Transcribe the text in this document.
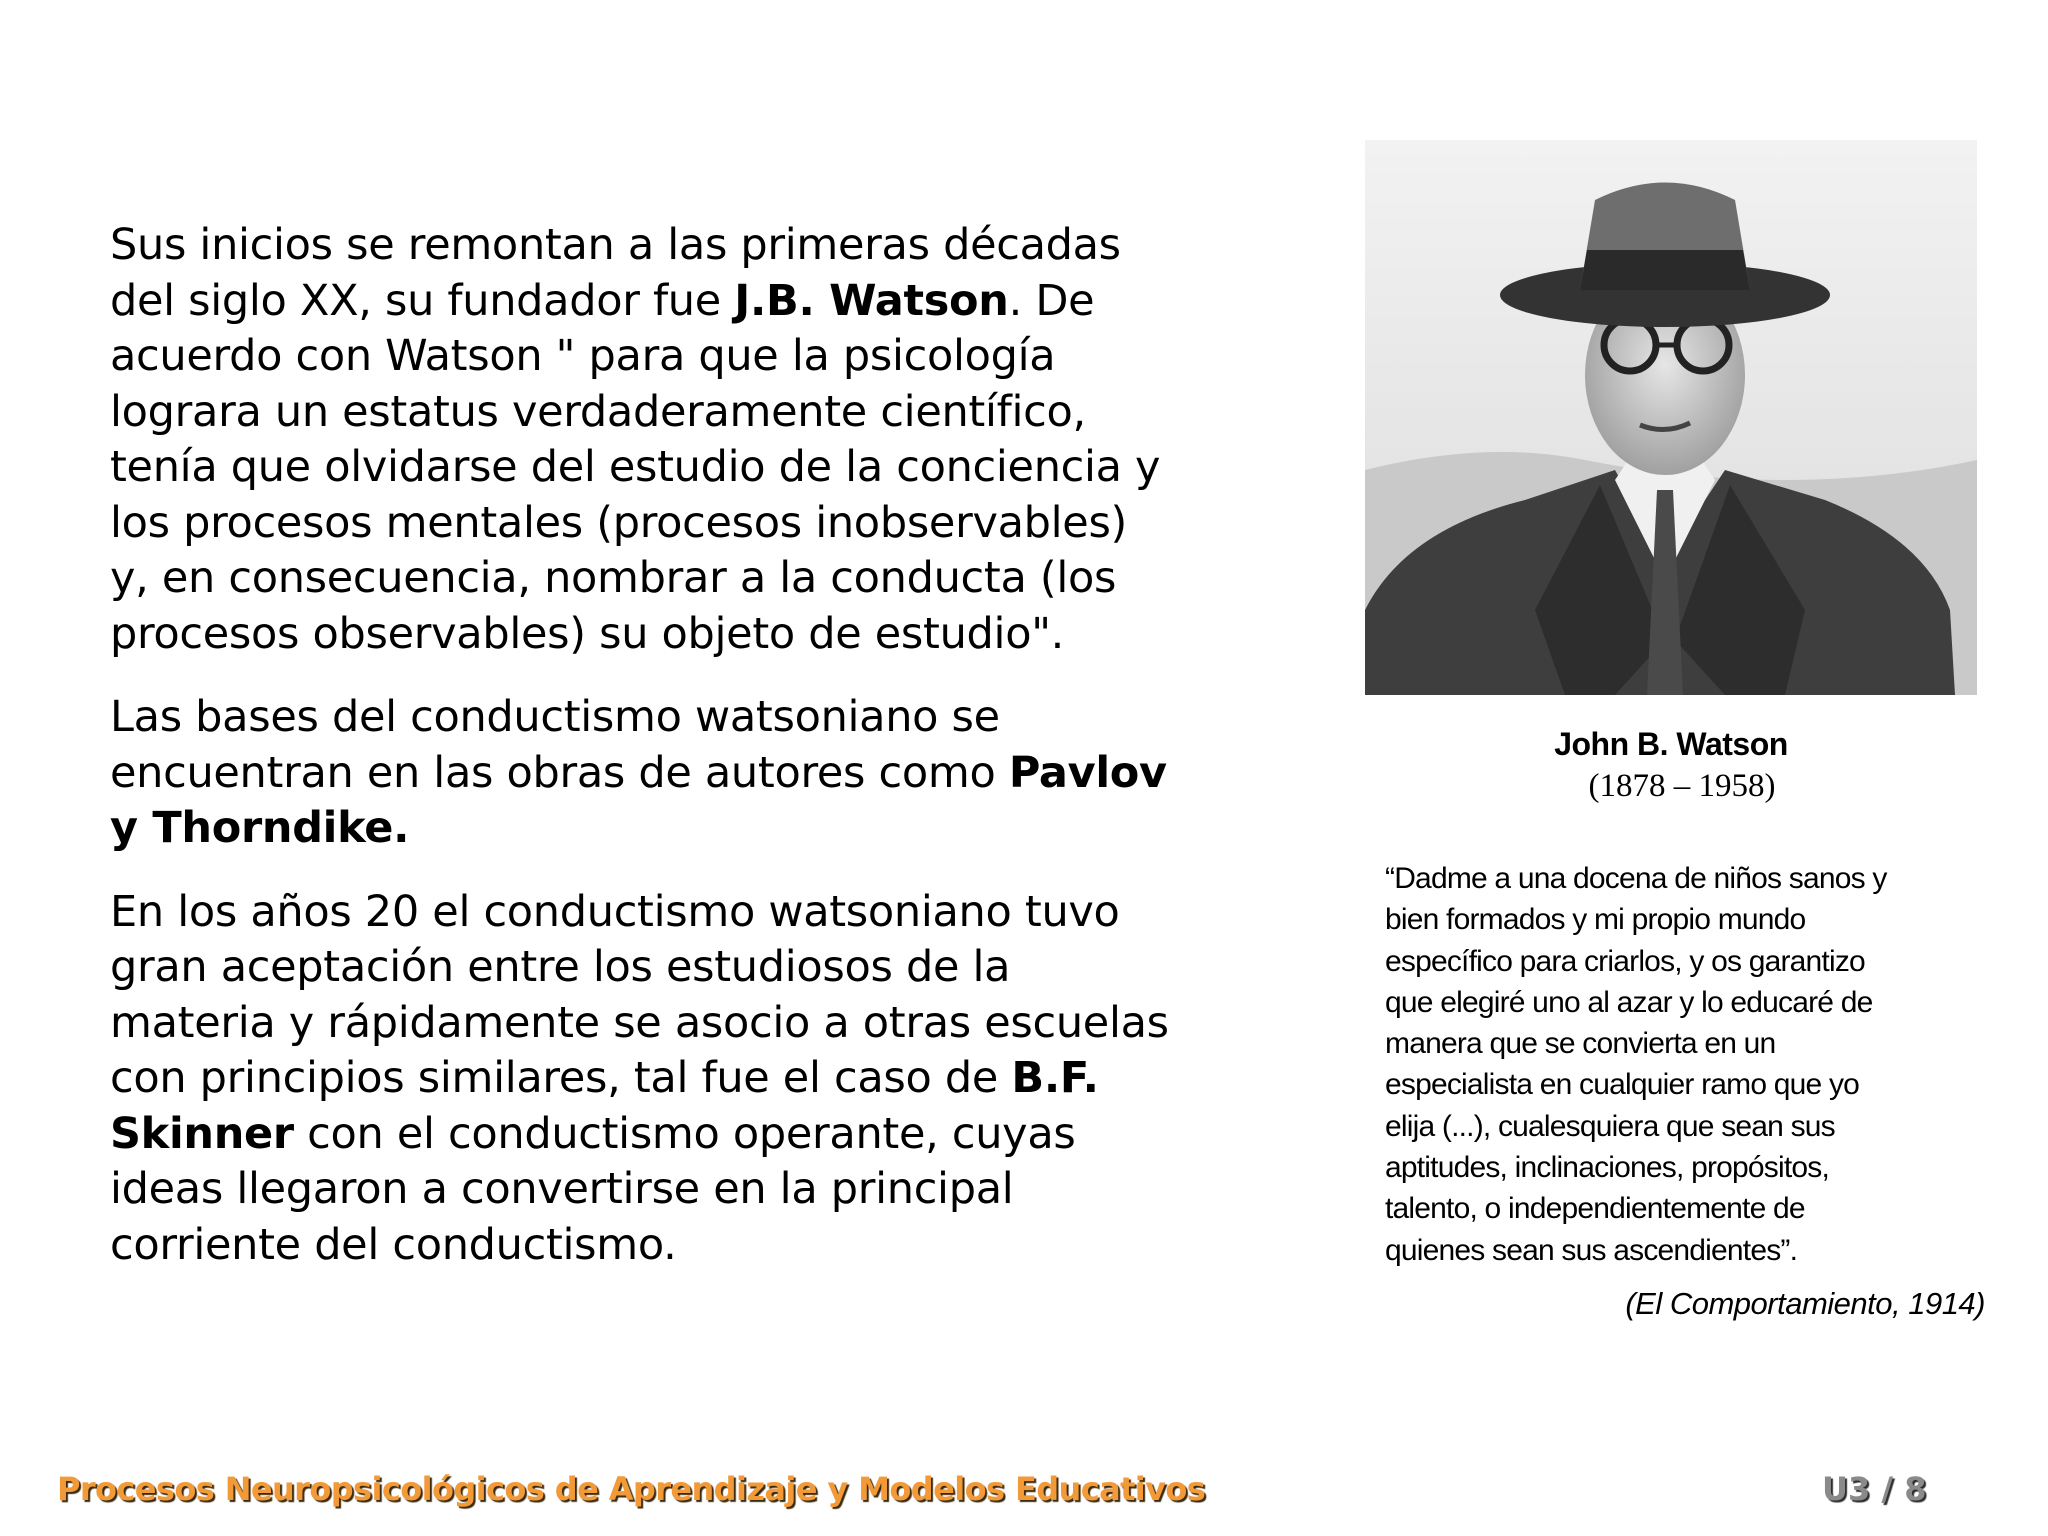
Sus inicios se remontan a las primeras décadas
del siglo XX, su fundador fue J.B. Watson. De
acuerdo con Watson " para que la psicología
lograra un estatus verdaderamente científico,
tenía que olvidarse del estudio de la conciencia y
los procesos mentales (procesos inobservables)
y, en consecuencia, nombrar a la conducta (los
procesos observables) su objeto de estudio".
Las bases del conductismo watsoniano se
encuentran en las obras de autores como Pavlov
y Thorndike.
En los años 20 el conductismo watsoniano tuvo
gran aceptación entre los estudiosos de la
materia y rápidamente se asocio a otras escuelas
con principios similares, tal fue el caso de B.F.
Skinner con el conductismo operante, cuyas
ideas llegaron a convertirse en la principal
corriente del conductismo.
John B. Watson
(1878 – 1958)
“Dadme a una docena de niños sanos y
bien formados y mi propio mundo
específico para criarlos, y os garantizo
que elegiré uno al azar y lo educaré de
manera que se convierta en un
especialista en cualquier ramo que yo
elija (...), cualesquiera que sean sus
aptitudes, inclinaciones, propósitos,
talento, o independientemente de
quienes sean sus ascendientes”.
(El Comportamiento, 1914)
Procesos Neuropsicológicos de Aprendizaje y Modelos Educativos	U3 / 8
